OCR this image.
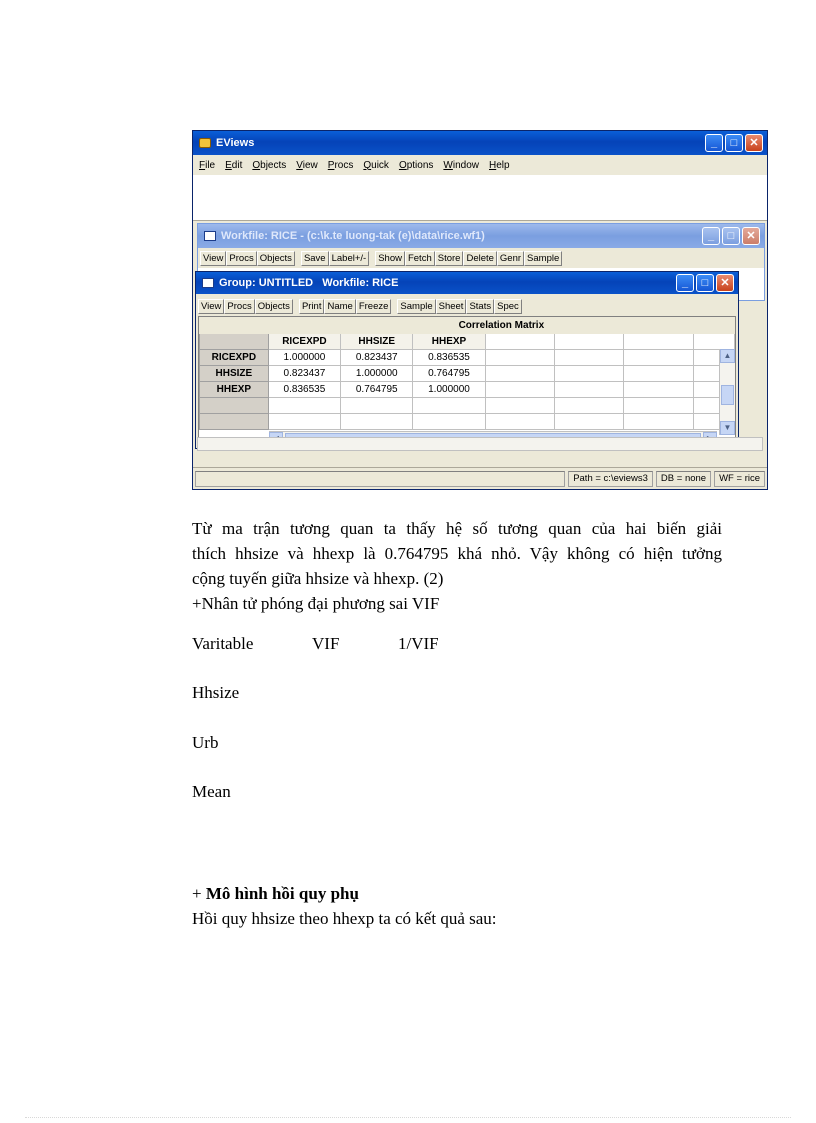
EViews	_	□	✕
File Edit Objects View Procs Quick Options Window Help
Workfile: RICE - (c:\k.te luong-tak (e)\data\rice.wf1)	_	□	✕
View Procs Objects	Save Label+/-	Show Fetch Store Delete Genr Sample
Group: UNTITLED   Workfile: RICE	_	□	✕
View Procs Objects	Print Name Freeze	Sample Sheet Stats Spec
	Correlation Matrix						
	RICEXPD	HHSIZE	HHEXP				
RICEXPD	1.000000	0.823437	0.836535				
HHSIZE	0.823437	1.000000	0.764795				
HHEXP	0.836535	0.764795	1.000000				

▲
▼
Path = c:\eviews3	DB = none	WF = rice
Từ ma trận tương quan ta thấy hệ số tương quan của hai biến giải
thích hhsize và hhexp là 0.764795 khá nhỏ. Vậy không có hiện tưởng
cộng tuyến giữa hhsize và hhexp. (2)
+Nhân tử phóng đại phương sai VIF
Varitable	VIF	1/VIF
Hhsize
Urb
Mean
+ Mô hình hồi quy phụ
Hồi quy hhsize theo hhexp ta có kết quả sau:
